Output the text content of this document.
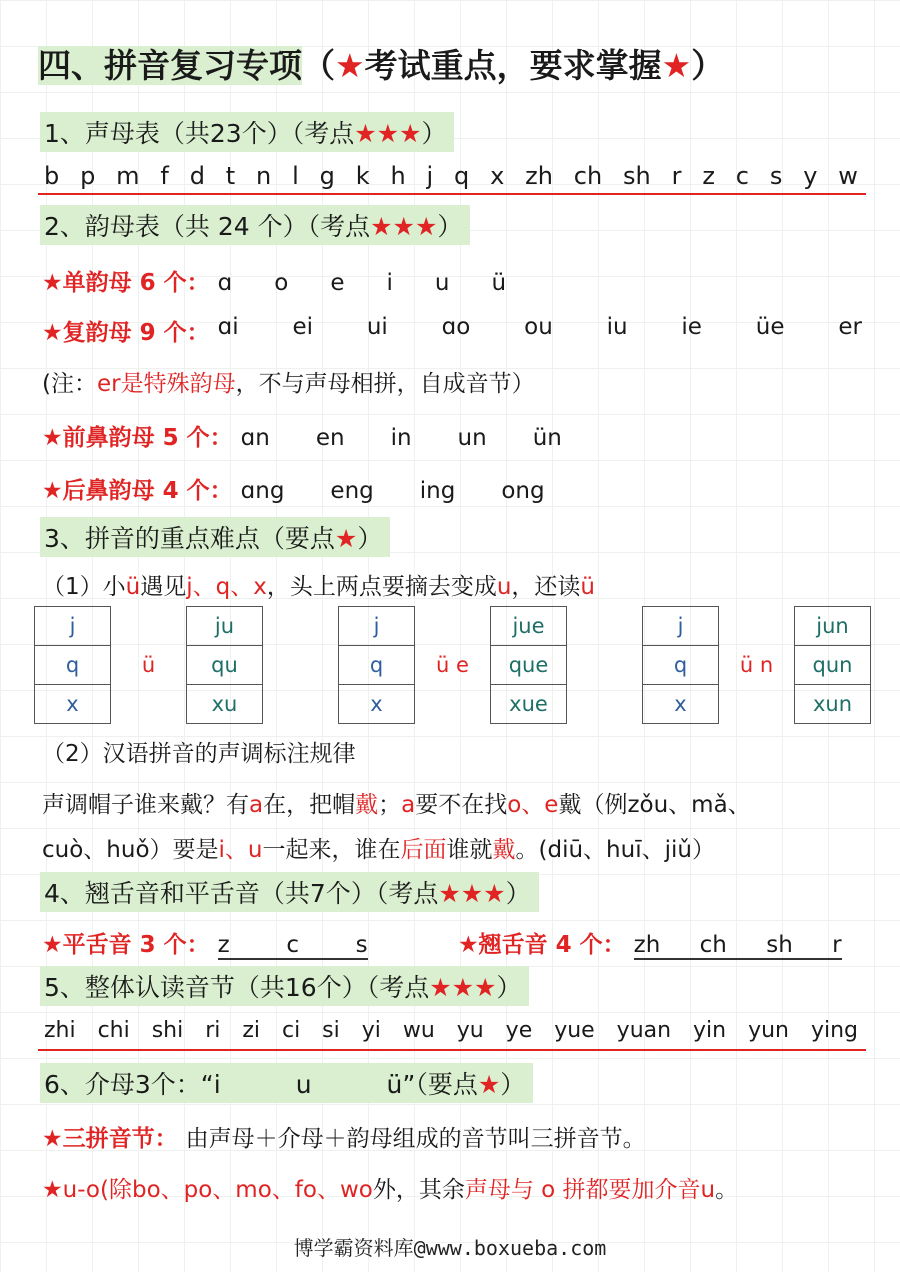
四、拼音复习专项（★考试重点，要求掌握★）
1、声母表（共23个）（考点★★★）
b p m f d t n l g k h j q x zh ch sh r z c s y w
2、韵母表（共 24 个）（考点★★★）
★单韵母 6 个： ɑ o e i u ü
★复韵母 9 个： ɑi ei ui ɑo ou iu ie üe er
(注：er是特殊韵母，不与声母相拼，自成音节）
★前鼻韵母 5 个： ɑn en in un ün
★后鼻韵母 4 个： ɑng eng ing ong
3、拼音的重点难点（要点★）
（1）小ü遇见j、q、x，头上两点要摘去变成u，还读ü
j	ü	ju		j	ü e	jue		j	ü n	jun
q		qu		q		que		q		qun
x		xu		x		xue		x		xun
（2）汉语拼音的声调标注规律
声调帽子谁来戴？有a在，把帽戴；a要不在找o、e戴（例zǒu、mǎ、
cuò、huǒ）要是i、u一起来，谁在后面谁就戴。(diū、huī、jiǔ）
4、翘舌音和平舌音（共7个）（考点★★★）
★平舌音 3 个： z c s	★翘舌音 4 个： zh ch sh r
5、整体认读音节（共16个）（考点★★★）
zhi chi shi ri zi ci si yi wu yu ye yue yuan yin yun ying
6、介母3个：“i　　　u　　　ü”（要点★）
★三拼音节： 由声母＋介母＋韵母组成的音节叫三拼音节。
★u-o(除bo、po、mo、fo、wo外，其余声母与 o 拼都要加介音u。
博学霸资料库@www.boxueba.com
